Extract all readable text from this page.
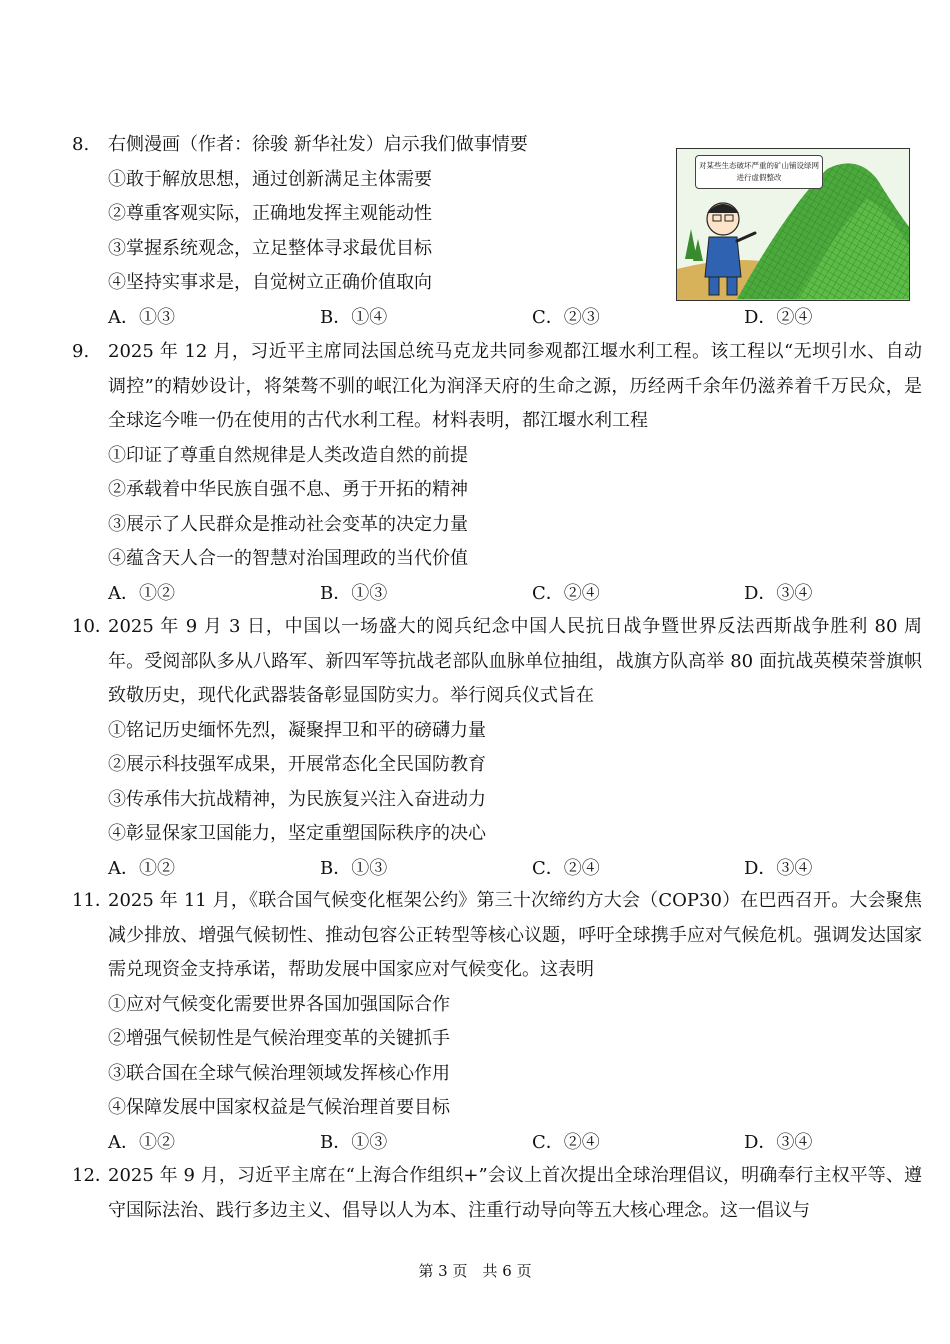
8. 右侧漫画（作者：徐骏 新华社发）启示我们做事情要
①敢于解放思想，通过创新满足主体需要
②尊重客观实际，正确地发挥主观能动性
③掌握系统观念，立足整体寻求最优目标
④坚持实事求是，自觉树立正确价值取向
A．①③	B．①④	C．②③	D．②④
对某些生态破坏严重的矿山铺设绿网进行虚假整改
9. 2025 年 12 月，习近平主席同法国总统马克龙共同参观都江堰水利工程。该工程以“无坝引水、自动调控”的精妙设计，将桀骜不驯的岷江化为润泽天府的生命之源，历经两千余年仍滋养着千万民众，是全球迄今唯一仍在使用的古代水利工程。材料表明，都江堰水利工程
①印证了尊重自然规律是人类改造自然的前提
②承载着中华民族自强不息、勇于开拓的精神
③展示了人民群众是推动社会变革的决定力量
④蕴含天人合一的智慧对治国理政的当代价值
A．①②	B．①③	C．②④	D．③④
10．
2025 年 9 月 3 日，中国以一场盛大的阅兵纪念中国人民抗日战争暨世界反法西斯战争胜利 80 周年。受阅部队多从八路军、新四军等抗战老部队血脉单位抽组，战旗方队高举 80 面抗战英模荣誉旗帜致敬历史，现代化武器装备彰显国防实力。举行阅兵仪式旨在
①铭记历史缅怀先烈，凝聚捍卫和平的磅礴力量
②展示科技强军成果，开展常态化全民国防教育
③传承伟大抗战精神，为民族复兴注入奋进动力
④彰显保家卫国能力，坚定重塑国际秩序的决心
A．①②	B．①③	C．②④	D．③④
11．
2025 年 11 月，《联合国气候变化框架公约》第三十次缔约方大会（COP30）在巴西召开。大会聚焦减少排放、增强气候韧性、推动包容公正转型等核心议题，呼吁全球携手应对气候危机。强调发达国家需兑现资金支持承诺，帮助发展中国家应对气候变化。这表明
①应对气候变化需要世界各国加强国际合作
②增强气候韧性是气候治理变革的关键抓手
③联合国在全球气候治理领域发挥核心作用
④保障发展中国家权益是气候治理首要目标
A．①②	B．①③	C．②④	D．③④
12．
2025 年 9 月，习近平主席在“上海合作组织+”会议上首次提出全球治理倡议，明确奉行主权平等、遵守国际法治、践行多边主义、倡导以人为本、注重行动导向等五大核心理念。这一倡议与
第 3 页　共 6 页
